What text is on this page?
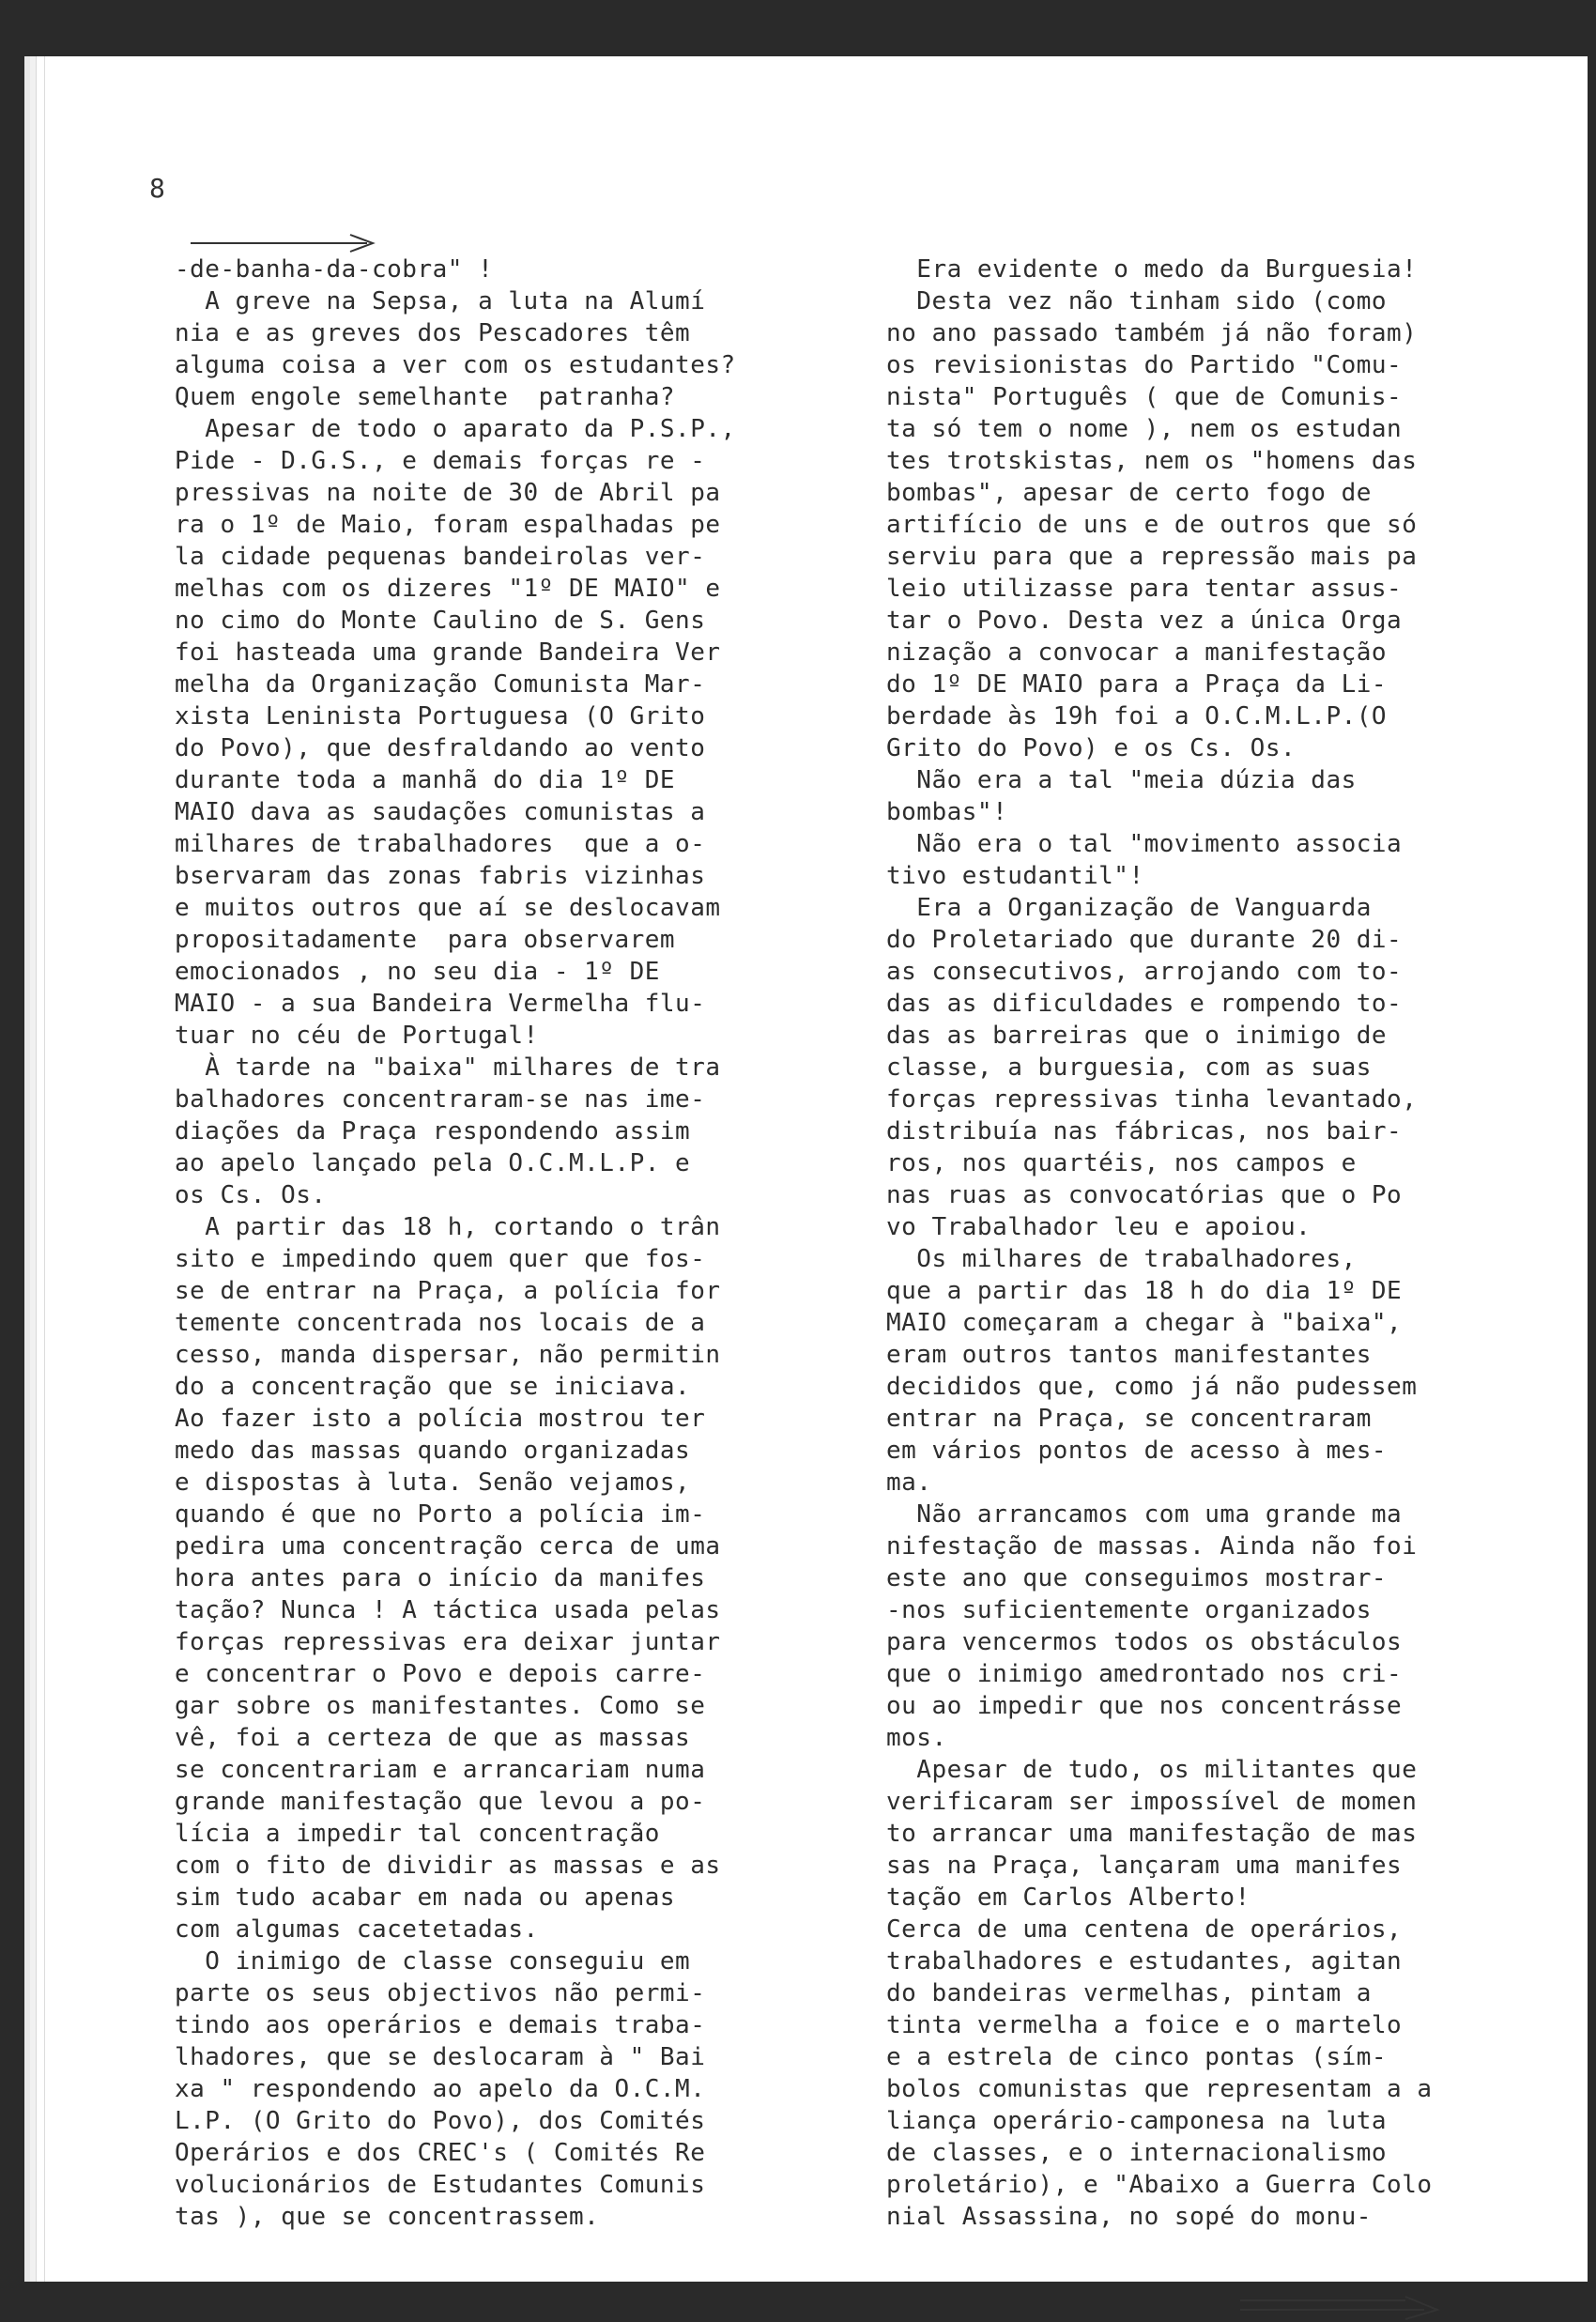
8
-de-banha-da-cobra" !
A greve na Sepsa, a luta na Alumí
nia e as greves dos Pescadores têm
alguma coisa a ver com os estudantes?
Quem engole semelhante  patranha?
Apesar de todo o aparato da P.S.P.,
Pide - D.G.S., e demais forças re -
pressivas na noite de 30 de Abril pa
ra o 1º de Maio, foram espalhadas pe
la cidade pequenas bandeirolas ver-
melhas com os dizeres "1º DE MAIO" e
no cimo do Monte Caulino de S. Gens
foi hasteada uma grande Bandeira Ver
melha da Organização Comunista Mar-
xista Leninista Portuguesa (O Grito
do Povo), que desfraldando ao vento
durante toda a manhã do dia 1º DE
MAIO dava as saudações comunistas a
milhares de trabalhadores  que a o-
bservaram das zonas fabris vizinhas
e muitos outros que aí se deslocavam
propositadamente  para observarem
emocionados , no seu dia - 1º DE
MAIO - a sua Bandeira Vermelha flu-
tuar no céu de Portugal!
À tarde na "baixa" milhares de tra
balhadores concentraram-se nas ime-
diações da Praça respondendo assim
ao apelo lançado pela O.C.M.L.P. e
os Cs. Os.
A partir das 18 h, cortando o trân
sito e impedindo quem quer que fos-
se de entrar na Praça, a polícia for
temente concentrada nos locais de a
cesso, manda dispersar, não permitin
do a concentração que se iniciava.
Ao fazer isto a polícia mostrou ter
medo das massas quando organizadas
e dispostas à luta. Senão vejamos,
quando é que no Porto a polícia im-
pedira uma concentração cerca de uma
hora antes para o início da manifes
tação? Nunca ! A táctica usada pelas
forças repressivas era deixar juntar
e concentrar o Povo e depois carre-
gar sobre os manifestantes. Como se
vê, foi a certeza de que as massas
se concentrariam e arrancariam numa
grande manifestação que levou a po-
lícia a impedir tal concentração
com o fito de dividir as massas e as
sim tudo acabar em nada ou apenas
com algumas cacetetadas.
O inimigo de classe conseguiu em
parte os seus objectivos não permi-
tindo aos operários e demais traba-
lhadores, que se deslocaram à " Bai
xa " respondendo ao apelo da O.C.M.
L.P. (O Grito do Povo), dos Comités
Operários e dos CREC's ( Comités Re
volucionários de Estudantes Comunis
tas ), que se concentrassem.
Era evidente o medo da Burguesia!
Desta vez não tinham sido (como
no ano passado também já não foram)
os revisionistas do Partido "Comu-
nista" Português ( que de Comunis-
ta só tem o nome ), nem os estudan
tes trotskistas, nem os "homens das
bombas", apesar de certo fogo de
artifício de uns e de outros que só
serviu para que a repressão mais pa
leio utilizasse para tentar assus-
tar o Povo. Desta vez a única Orga
nização a convocar a manifestação
do 1º DE MAIO para a Praça da Li-
berdade às 19h foi a O.C.M.L.P.(O
Grito do Povo) e os Cs. Os.
Não era a tal "meia dúzia das
bombas"!
Não era o tal "movimento associa
tivo estudantil"!
Era a Organização de Vanguarda
do Proletariado que durante 20 di-
as consecutivos, arrojando com to-
das as dificuldades e rompendo to-
das as barreiras que o inimigo de
classe, a burguesia, com as suas
forças repressivas tinha levantado,
distribuía nas fábricas, nos bair-
ros, nos quartéis, nos campos e
nas ruas as convocatórias que o Po
vo Trabalhador leu e apoiou.
Os milhares de trabalhadores,
que a partir das 18 h do dia 1º DE
MAIO começaram a chegar à "baixa",
eram outros tantos manifestantes
decididos que, como já não pudessem
entrar na Praça, se concentraram
em vários pontos de acesso à mes-
ma.
Não arrancamos com uma grande ma
nifestação de massas. Ainda não foi
este ano que conseguimos mostrar-
-nos suficientemente organizados
para vencermos todos os obstáculos
que o inimigo amedrontado nos cri-
ou ao impedir que nos concentrásse
mos.
Apesar de tudo, os militantes que
verificaram ser impossível de momen
to arrancar uma manifestação de mas
sas na Praça, lançaram uma manifes
tação em Carlos Alberto!
Cerca de uma centena de operários,
trabalhadores e estudantes, agitan
do bandeiras vermelhas, pintam a
tinta vermelha a foice e o martelo
e a estrela de cinco pontas (sím-
bolos comunistas que representam a a
liança operário-camponesa na luta
de classes, e o internacionalismo
proletário), e "Abaixo a Guerra Colo
nial Assassina, no sopé do monu-
